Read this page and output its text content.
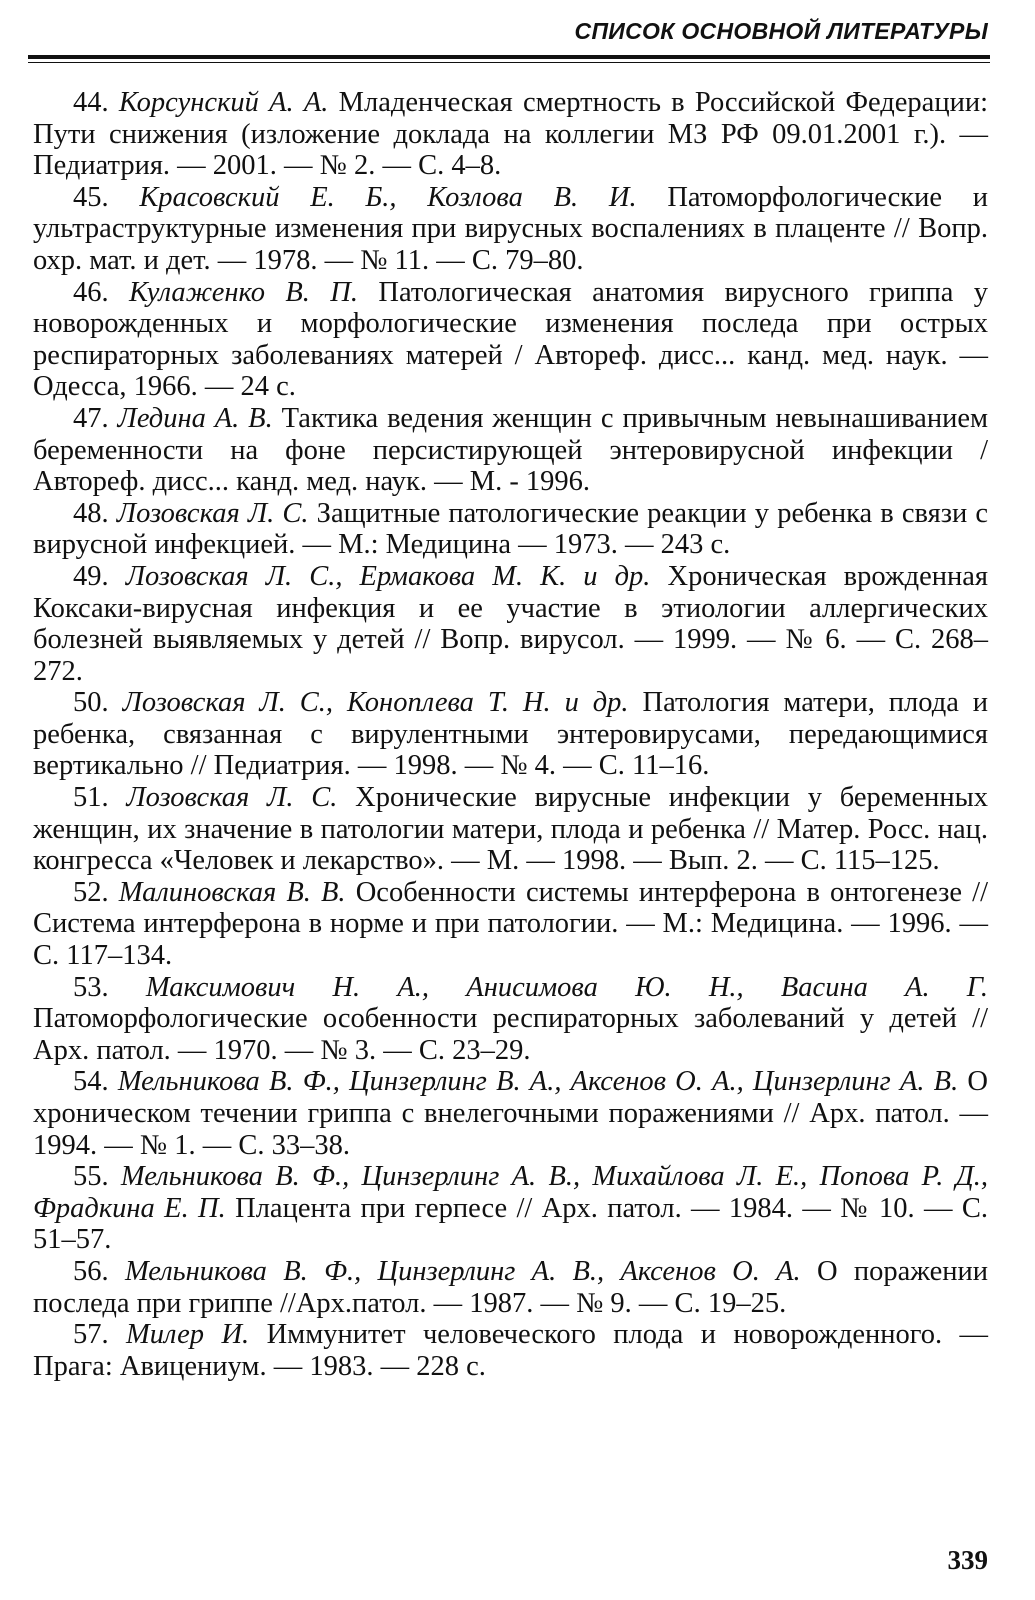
СПИСОК ОСНОВНОЙ ЛИТЕРАТУРЫ

44. Корсунский А. А. Младенческая смертность в Российской Федерации: Пути снижения (изложение доклада на коллегии МЗ РФ 09.01.2001 г.). — Педиатрия. — 2001. — № 2. — С. 4–8.

45. Красовский Е. Б., Козлова В. И. Патоморфологические и ультраструктурные изменения при вирусных воспалениях в плаценте // Вопр. охр. мат. и дет. — 1978. — № 11. — С. 79–80.

46. Кулаженко В. П. Патологическая анатомия вирусного гриппа у новорожденных и морфологические изменения последа при острых респираторных заболеваниях матерей / Автореф. дисс... канд. мед. наук. — Одесса, 1966. — 24 с.

47. Ледина А. В. Тактика ведения женщин с привычным невынашиванием беременности на фоне персистирующей энтеровирусной инфекции / Автореф. дисс... канд. мед. наук. — М. - 1996.

48. Лозовская Л. С. Защитные патологические реакции у ребенка в связи с вирусной инфекцией. — М.: Медицина — 1973. — 243 с.

49. Лозовская Л. С., Ермакова М. К. и др. Хроническая врожденная Коксаки-вирусная инфекция и ее участие в этиологии аллергических болезней выявляемых у детей // Вопр. вирусол. — 1999. — № 6. — С. 268–272.

50. Лозовская Л. С., Коноплева Т. Н. и др. Патология матери, плода и ребенка, связанная с вирулентными энтеровирусами, передающимися вертикально // Педиатрия. — 1998. — № 4. — С. 11–16.

51. Лозовская Л. С. Хронические вирусные инфекции у беременных женщин, их значение в патологии матери, плода и ребенка // Матер. Росс. нац. конгресса «Человек и лекарство». — М. — 1998. — Вып. 2. — С. 115–125.

52. Малиновская В. В. Особенности системы интерферона в онтогенезе // Система интерферона в норме и при патологии. — М.: Медицина. — 1996. — С. 117–134.

53. Максимович Н. А., Анисимова Ю. Н., Васина А. Г. Патоморфологические особенности респираторных заболеваний у детей // Арх. патол. — 1970. — № 3. — С. 23–29.

54. Мельникова В. Ф., Цинзерлинг В. А., Аксенов О. А., Цинзерлинг А. В. О хроническом течении гриппа с внелегочными поражениями // Арх. патол. — 1994. — № 1. — С. 33–38.

55. Мельникова В. Ф., Цинзерлинг А. В., Михайлова Л. Е., Попова Р. Д., Фрадкина Е. П. Плацента при герпесе // Арх. патол. — 1984. — № 10. — С. 51–57.

56. Мельникова В. Ф., Цинзерлинг А. В., Аксенов О. А. О поражении последа при гриппе //Арх.патол. — 1987. — № 9. — С. 19–25.

57. Милер И. Иммунитет человеческого плода и новорожденного. — Прага: Авицениум. — 1983. — 228 с.

339
